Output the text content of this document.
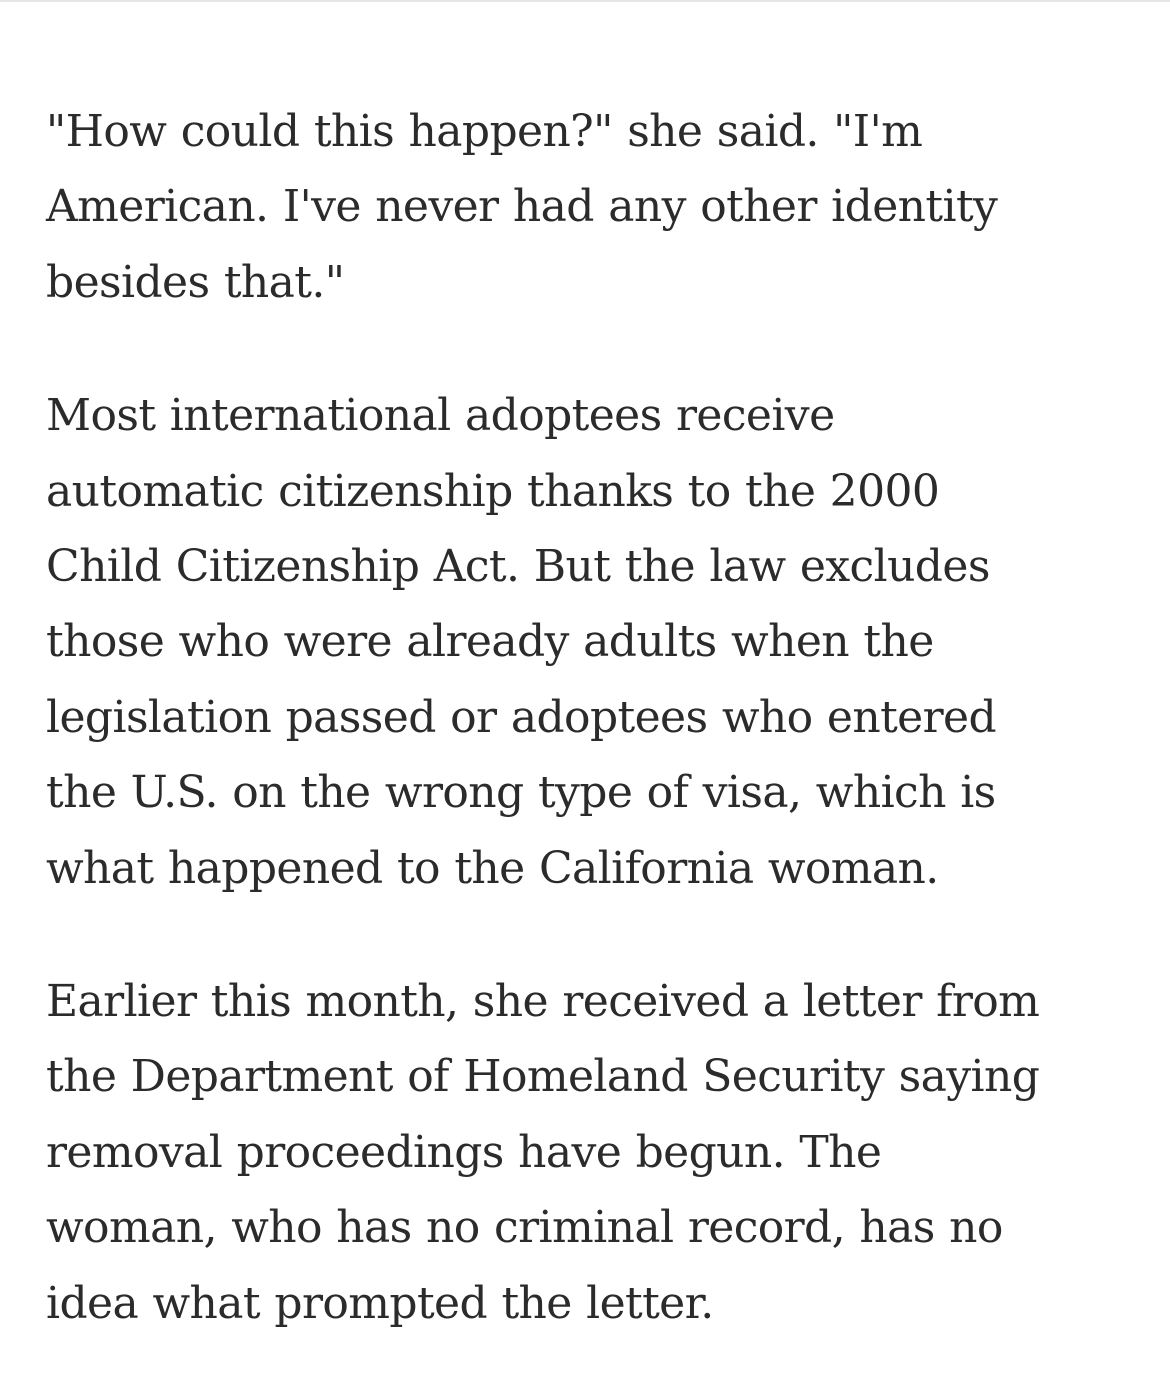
"How could this happen?" she said. "I'm
American. I've never had any other identity
besides that."

Most international adoptees receive
automatic citizenship thanks to the 2000
Child Citizenship Act. But the law excludes
those who were already adults when the
legislation passed or adoptees who entered
the U.S. on the wrong type of visa, which is
what happened to the California woman.

Earlier this month, she received a letter from
the Department of Homeland Security saying
removal proceedings have begun. The
woman, who has no criminal record, has no
idea what prompted the letter.
